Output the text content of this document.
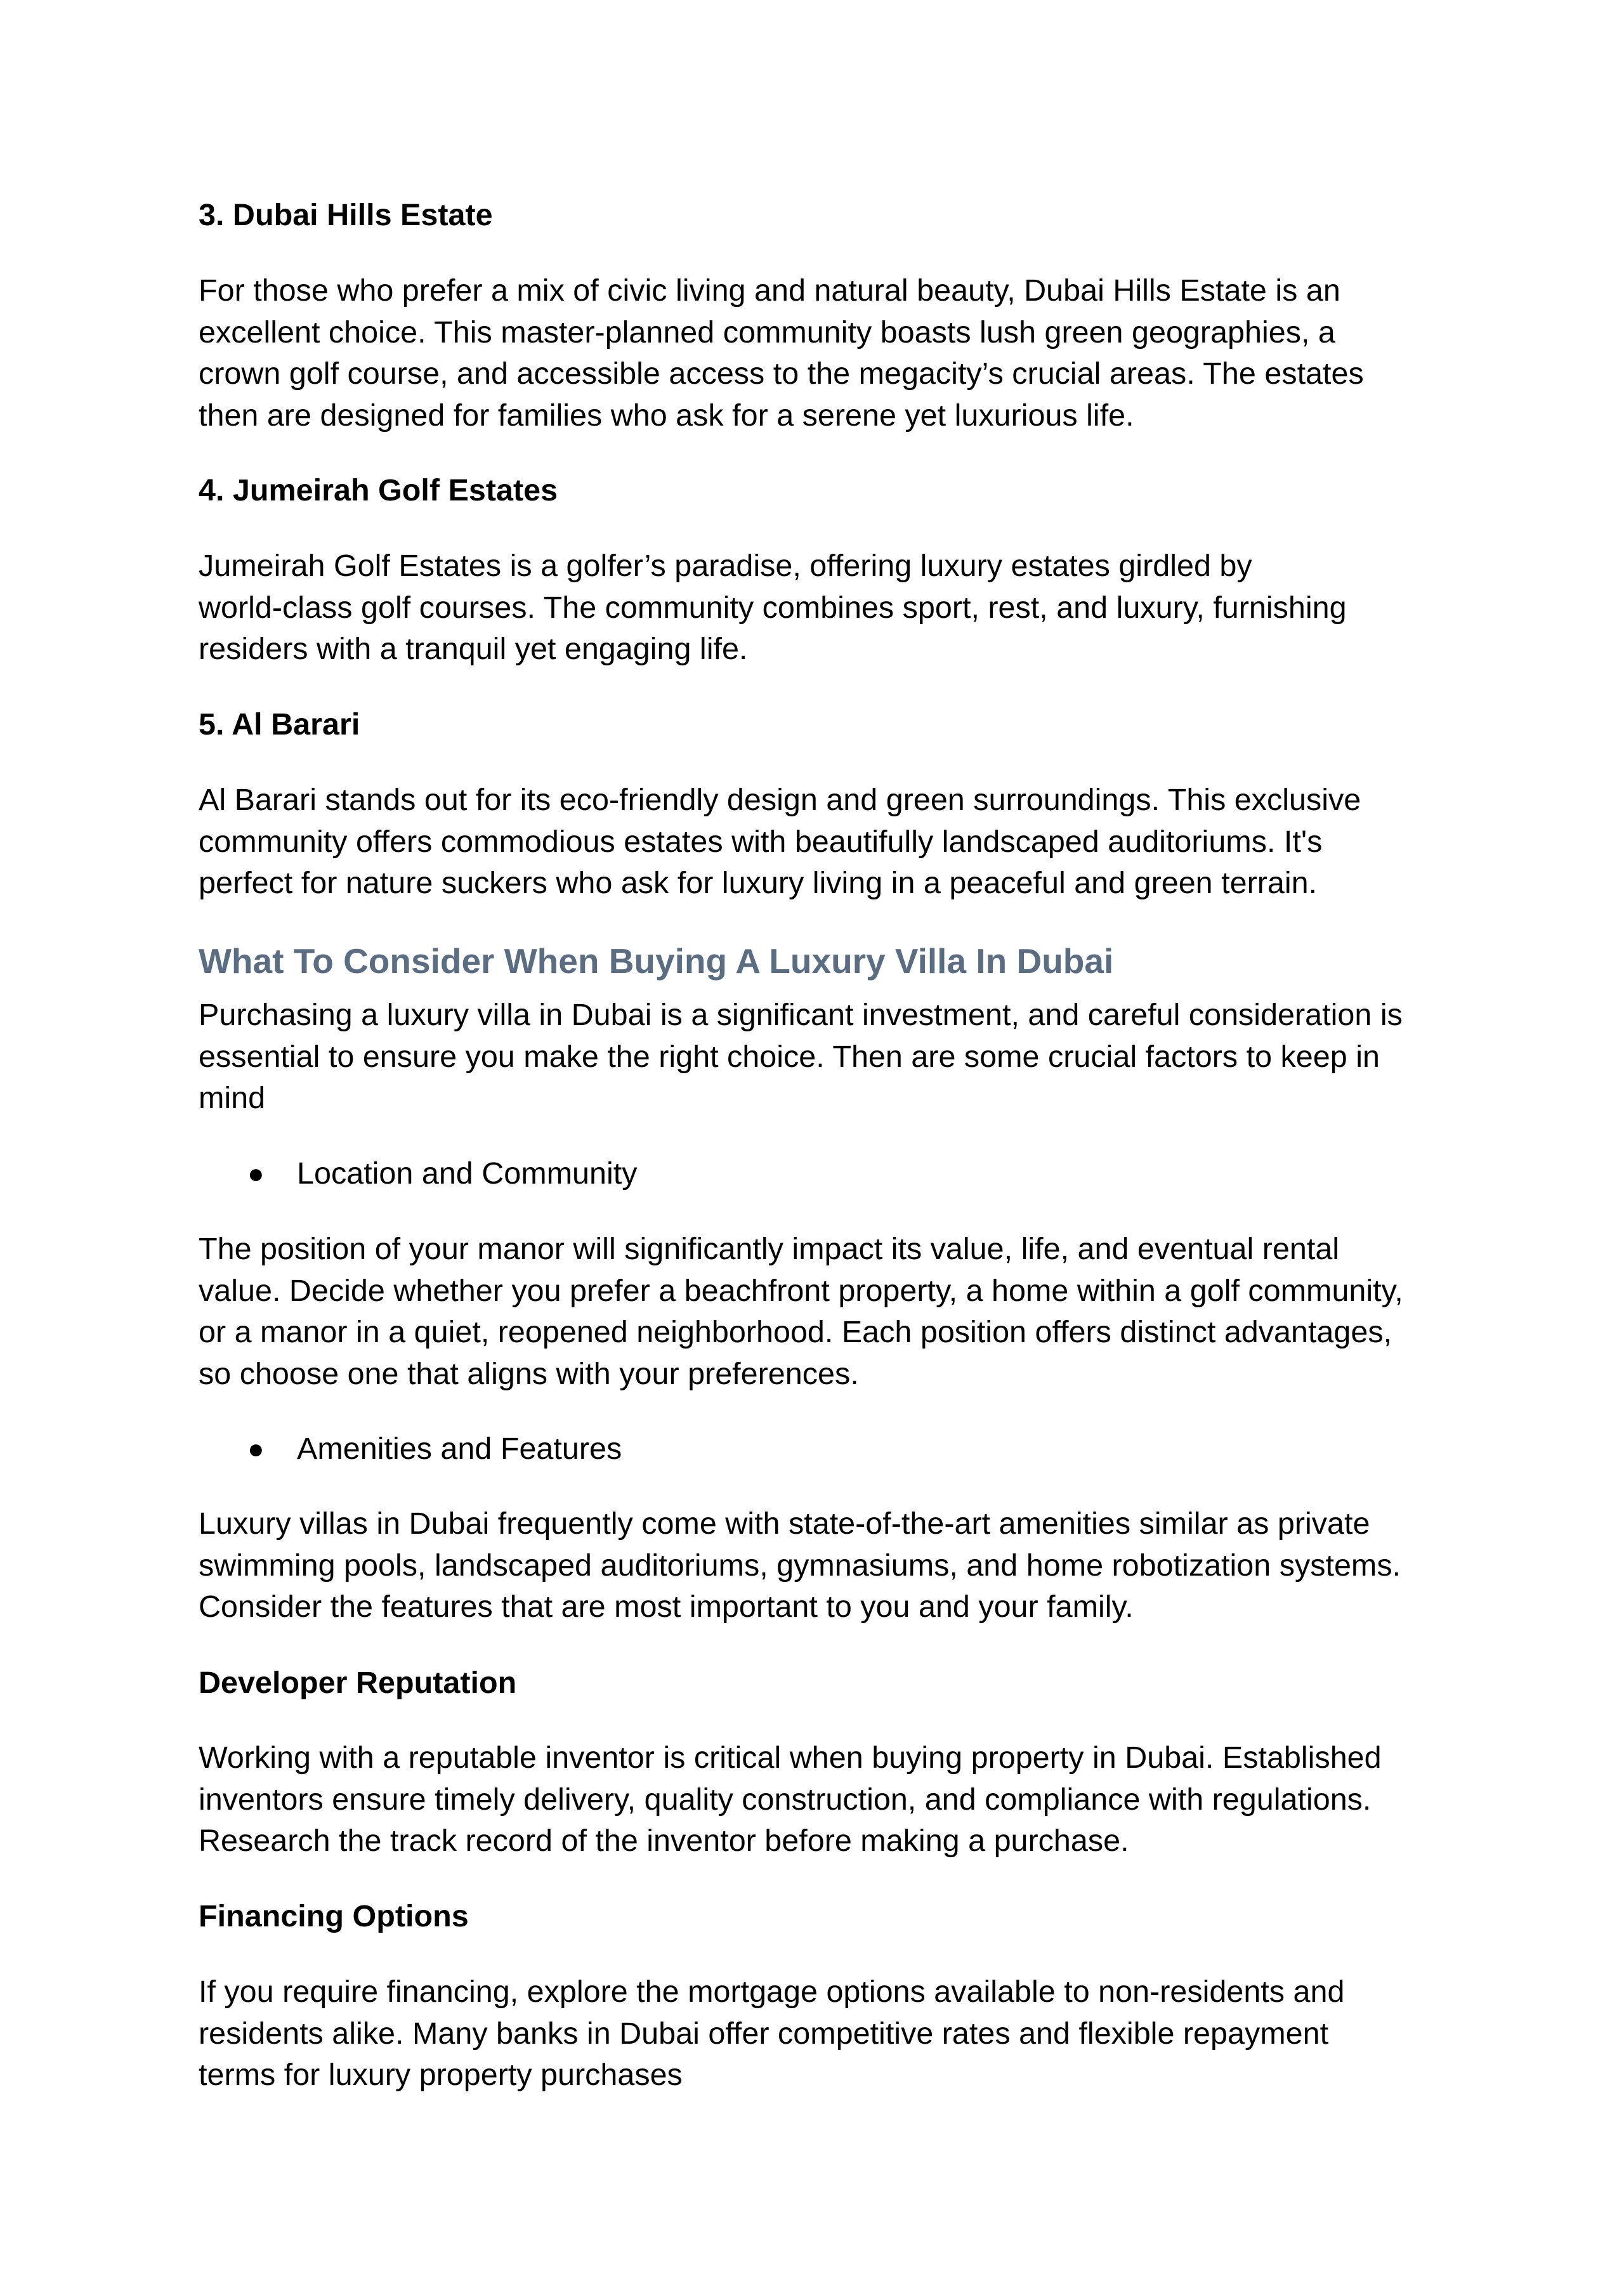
3. Dubai Hills Estate

For those who prefer a mix of civic living and natural beauty, Dubai Hills Estate is an
excellent choice. This master-planned community boasts lush green geographies, a
crown golf course, and accessible access to the megacity’s crucial areas. The estates
then are designed for families who ask for a serene yet luxurious life.

4. Jumeirah Golf Estates

Jumeirah Golf Estates is a golfer’s paradise, offering luxury estates girdled by
world-class golf courses. The community combines sport, rest, and luxury, furnishing
residers with a tranquil yet engaging life.

5. Al Barari

Al Barari stands out for its eco-friendly design and green surroundings. This exclusive
community offers commodious estates with beautifully landscaped auditoriums. It's
perfect for nature suckers who ask for luxury living in a peaceful and green terrain.

What To Consider When Buying A Luxury Villa In Dubai

Purchasing a luxury villa in Dubai is a significant investment, and careful consideration is
essential to ensure you make the right choice. Then are some crucial factors to keep in
mind

● Location and Community

The position of your manor will significantly impact its value, life, and eventual rental
value. Decide whether you prefer a beachfront property, a home within a golf community,
or a manor in a quiet, reopened neighborhood. Each position offers distinct advantages,
so choose one that aligns with your preferences.

● Amenities and Features

Luxury villas in Dubai frequently come with state-of-the-art amenities similar as private
swimming pools, landscaped auditoriums, gymnasiums, and home robotization systems.
Consider the features that are most important to you and your family.

Developer Reputation

Working with a reputable inventor is critical when buying property in Dubai. Established
inventors ensure timely delivery, quality construction, and compliance with regulations.
Research the track record of the inventor before making a purchase.

Financing Options

If you require financing, explore the mortgage options available to non-residents and
residents alike. Many banks in Dubai offer competitive rates and flexible repayment
terms for luxury property purchases
